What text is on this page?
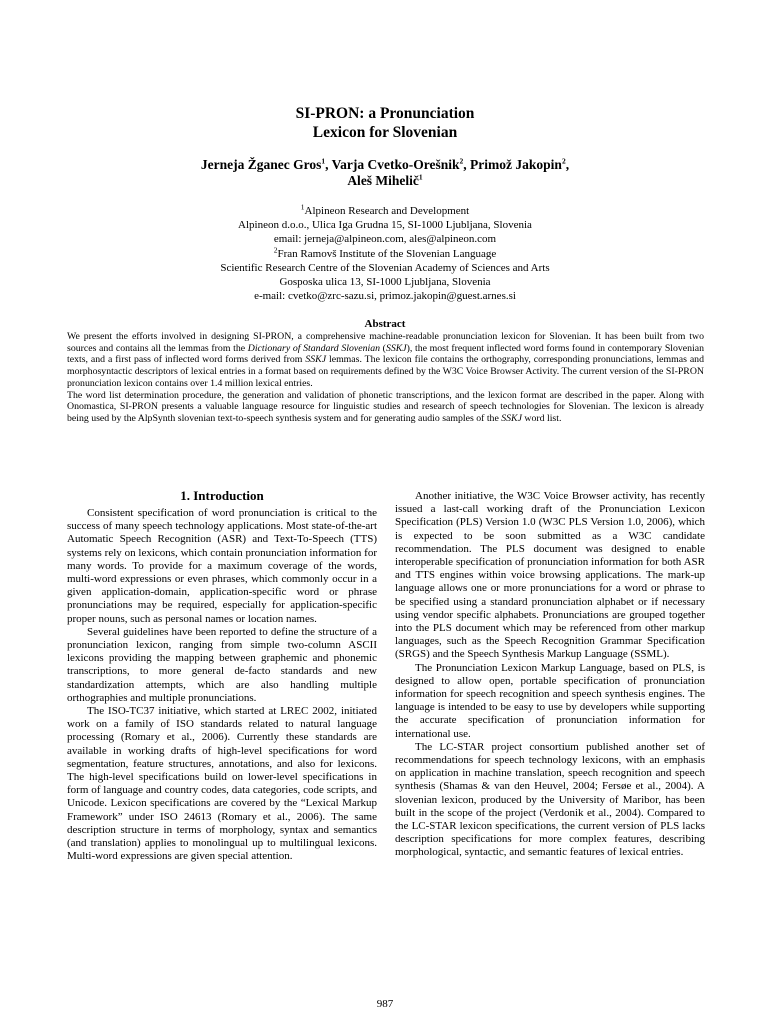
SI-PRON: a Pronunciation
Lexicon for Slovenian
Jerneja Žganec Gros$^1$, Varja Cvetko-Orešnik$^2$, Primož Jakopin$^2$,
Aleš Mihelič$^1$
$^1$Alpineon Research and Development
Alpineon d.o.o., Ulica Iga Grudna 15, SI-1000 Ljubljana, Slovenia
email: jerneja@alpineon.com, ales@alpineon.com
$^2$Fran Ramovš Institute of the Slovenian Language
Scientific Research Centre of the Slovenian Academy of Sciences and Arts
Gosposka ulica 13, SI-1000 Ljubljana, Slovenia
e-mail: cvetko@zrc-sazu.si, primoz.jakopin@guest.arnes.si
Abstract

We present the efforts involved in designing SI-PRON, a comprehensive machine-readable pronunciation lexicon for Slovenian. It has been built from two sources and contains all the lemmas from the Dictionary of Standard Slovenian (SSKJ), the most frequent inflected word forms found in contemporary Slovenian texts, and a first pass of inflected word forms derived from SSKJ lemmas. The lexicon file contains the orthography, corresponding pronunciations, lemmas and morphosyntactic descriptors of lexical entries in a format based on requirements defined by the W3C Voice Browser Activity. The current version of the SI-PRON pronunciation lexicon contains over 1.4 million lexical entries.

The word list determination procedure, the generation and validation of phonetic transcriptions, and the lexicon format are described in the paper. Along with Onomastica, SI-PRON presents a valuable language resource for linguistic studies and research of speech technologies for Slovenian. The lexicon is already being used by the AlpSynth slovenian text-to-speech synthesis system and for generating audio samples of the SSKJ word list.

1. Introduction

Consistent specification of word pronunciation is critical to the success of many speech technology applications. Most state-of-the-art Automatic Speech Recognition (ASR) and Text-To-Speech (TTS) systems rely on lexicons, which contain pronunciation information for many words. To provide for a maximum coverage of the words, multi-word expressions or even phrases, which commonly occur in a given application-domain, application-specific word or phrase pronunciations may be required, especially for application-specific proper nouns, such as personal names or location names.

Several guidelines have been reported to define the structure of a pronunciation lexicon, ranging from simple two-column ASCII lexicons providing the mapping between graphemic and phonemic transcriptions, to more general de-facto standards and new standardization attempts, which are also handling multiple orthographies and multiple pronunciations.

The ISO-TC37 initiative, which started at LREC 2002, initiated work on a family of ISO standards related to natural language processing (Romary et al., 2006). Currently these standards are available in working drafts of high-level specifications for word segmentation, feature structures, annotations, and also for lexicons. The high-level specifications build on lower-level specifications in form of language and country codes, data categories, code scripts, and Unicode. Lexicon specifications are covered by the “Lexical Markup Framework” under ISO 24613 (Romary et al., 2006). The same description structure in terms of morphology, syntax and semantics (and translation) applies to monolingual up to multilingual lexicons. Multi-word expressions are given special attention.

Another initiative, the W3C Voice Browser activity, has recently issued a last-call working draft of the Pronunciation Lexicon Specification (PLS) Version 1.0 (W3C PLS Version 1.0, 2006), which is expected to be soon submitted as a W3C candidate recommendation. The PLS document was designed to enable interoperable specification of pronunciation information for both ASR and TTS engines within voice browsing applications. The mark-up language allows one or more pronunciations for a word or phrase to be specified using a standard pronunciation alphabet or if necessary using vendor specific alphabets. Pronunciations are grouped together into the PLS document which may be referenced from other markup languages, such as the Speech Recognition Grammar Specification (SRGS) and the Speech Synthesis Markup Language (SSML).

The Pronunciation Lexicon Markup Language, based on PLS, is designed to allow open, portable specification of pronunciation information for speech recognition and speech synthesis engines. The language is intended to be easy to use by developers while supporting the accurate specification of pronunciation information for international use.

The LC-STAR project consortium published another set of recommendations for speech technology lexicons, with an emphasis on application in machine translation, speech recognition and speech synthesis (Shamas & van den Heuvel, 2004; Fersøe et al., 2004). A slovenian lexicon, produced by the University of Maribor, has been built in the scope of the project (Verdonik et al., 2004). Compared to the LC-STAR lexicon specifications, the current version of PLS lacks description specifications for more complex features, describing morphological, syntactic, and semantic features of lexical entries.

987
